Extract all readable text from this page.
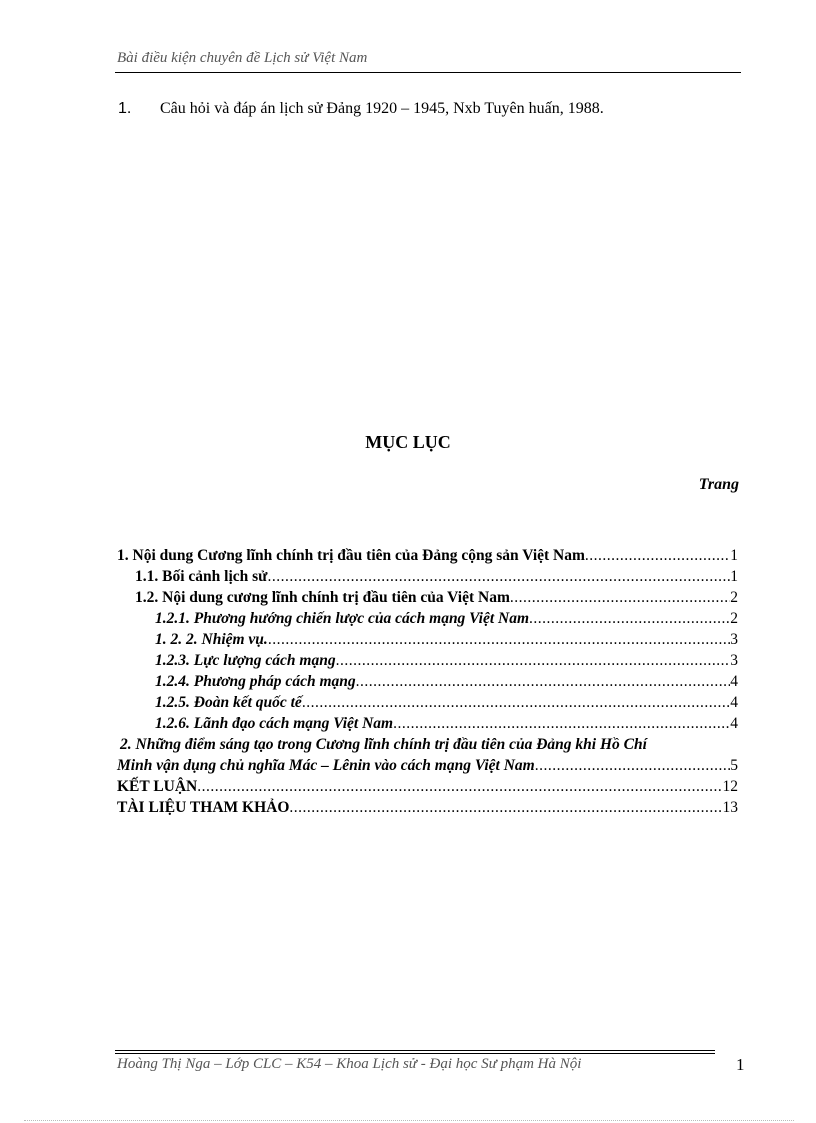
Bài điều kiện chuyên đề Lịch sử Việt Nam
1. Câu hỏi và đáp án lịch sử Đảng 1920 – 1945, Nxb Tuyên huấn, 1988.
MỤC LỤC
Trang
1. Nội dung Cương lĩnh chính trị đầu tiên của Đảng cộng sản Việt Nam .....	1
1.1. Bối cảnh lịch sử .....	1
1.2. Nội dung cương lĩnh chính trị đầu tiên của Việt Nam .....	2
1.2.1. Phương hướng chiến lược của cách mạng Việt Nam .....	2
1. 2. 2. Nhiệm vụ. .....	3
1.2.3. Lực lượng cách mạng .....	3
1.2.4. Phương pháp cách mạng .....	4
1.2.5. Đoàn kết quốc tế .....	4
1.2.6. Lãnh đạo cách mạng Việt Nam .....	4
2. Những điểm sáng tạo trong Cương lĩnh chính trị đầu tiên của Đảng khi Hồ Chí
Minh vận dụng chủ nghĩa Mác – Lênin vào cách mạng Việt Nam .....	5
KẾT LUẬN .....	12
TÀI LIỆU THAM KHẢO .....	13
Hoàng Thị Nga – Lớp CLC – K54 – Khoa Lịch sử - Đại học Sư phạm Hà Nội	1
